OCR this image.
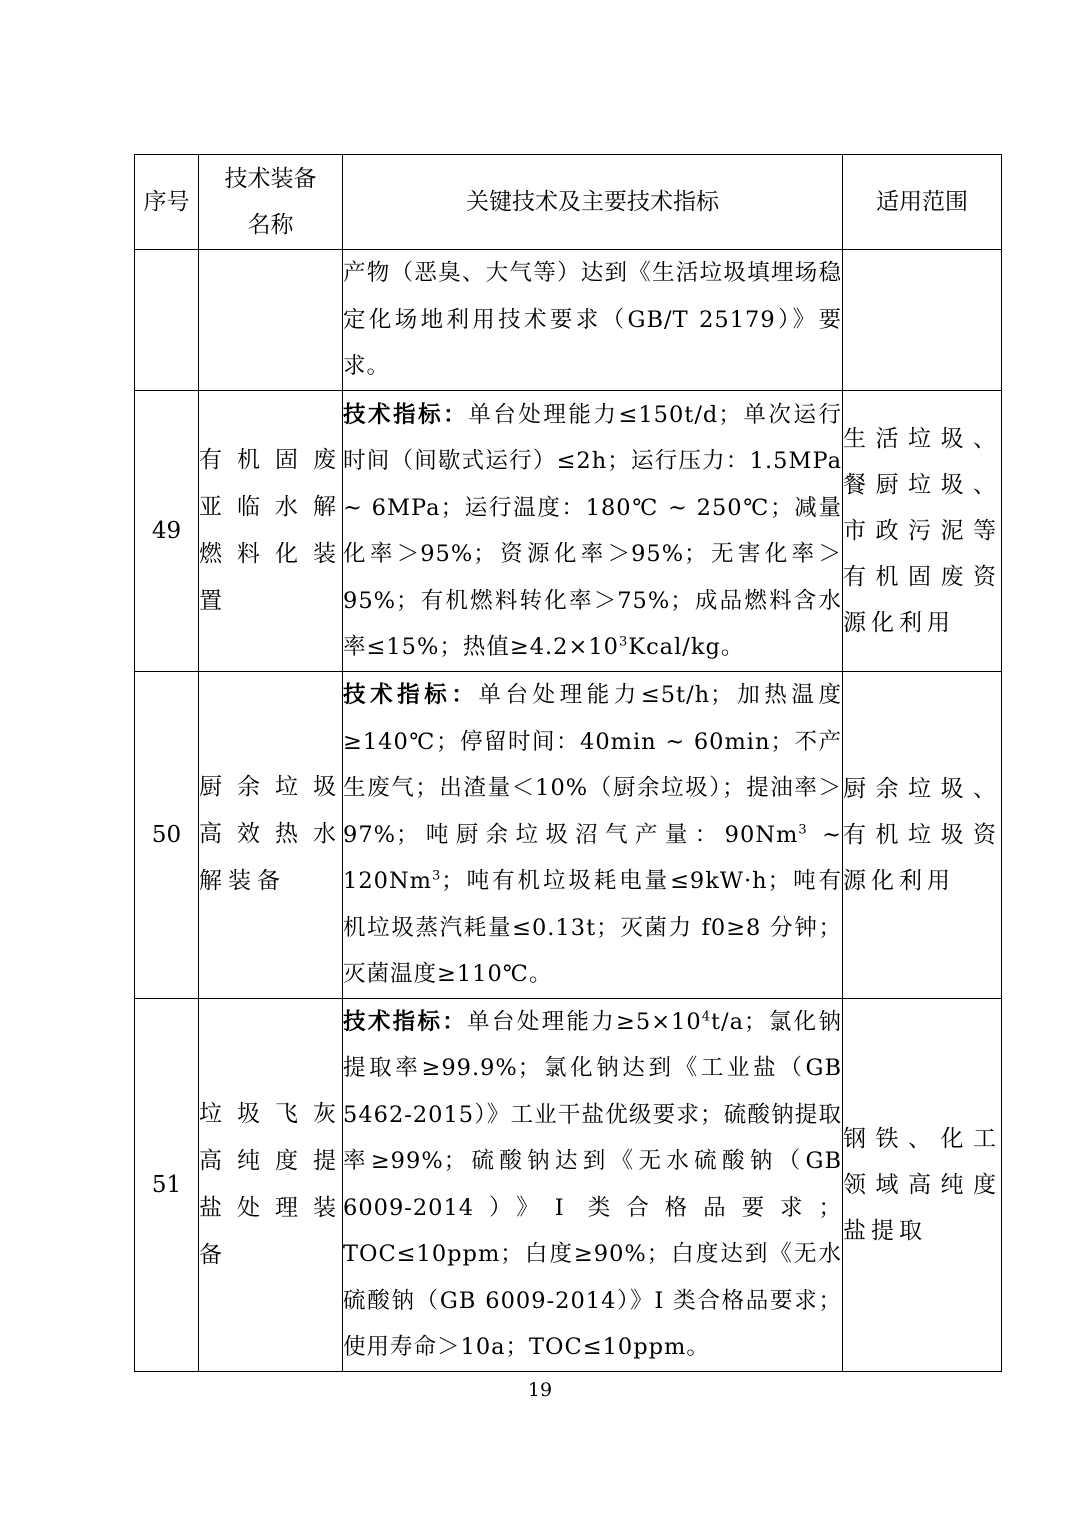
序号	技术装备名称	关键技术及主要技术指标	适用范围

		产物（恶臭、大气等）达到《生活垃圾填埋场稳定化场地利用技术要求（GB/T 25179）》要求。	
49	有机固废亚临水解燃料化装置	技术指标：单台处理能力≤150t/d；单次运行时间（间歇式运行）≤2h；运行压力：1.5MPa ~ 6MPa；运行温度：180℃ ~ 250℃；减量化率＞95%；资源化率＞95%；无害化率＞95%；有机燃料转化率＞75%；成品燃料含水率≤15%；热值$\ge 4.2\times 10^3Kcal/kg$。	生活垃圾、餐厨垃圾、市政污泥等有机固废资源化利用
50	厨余垃圾高效热水解装备	技术指标：单台处理能力≤5t/h；加热温度≥140℃；停留时间：40min ~ 60min；不产生废气；出渣量＜10%（厨余垃圾）；提油率＞97%；吨厨余垃圾沼气产量：90Nm$^3$ ~ 120Nm$^3$；吨有机垃圾耗电量≤9kW·h；吨有机垃圾蒸汽耗量≤0.13t；灭菌力 f0≥8 分钟；灭菌温度≥110℃。	厨余垃圾、有机垃圾资源化利用
51	垃圾飞灰高纯度提盐处理装备	技术指标：单台处理能力$\ge 5\times 10^4t/a$；氯化钠提取率≥99.9%；氯化钠达到《工业盐（GB 5462-2015）》工业干盐优级要求；硫酸钠提取率≥99%；硫酸钠达到《无水硫酸钠（GB 6009-2014）》I 类合格品要求；TOC≤10ppm；白度≥90%；白度达到《无水硫酸钠（GB 6009-2014）》I 类合格品要求；使用寿命＞10a；TOC≤10ppm。	钢铁、化工领域高纯度盐提取
19
